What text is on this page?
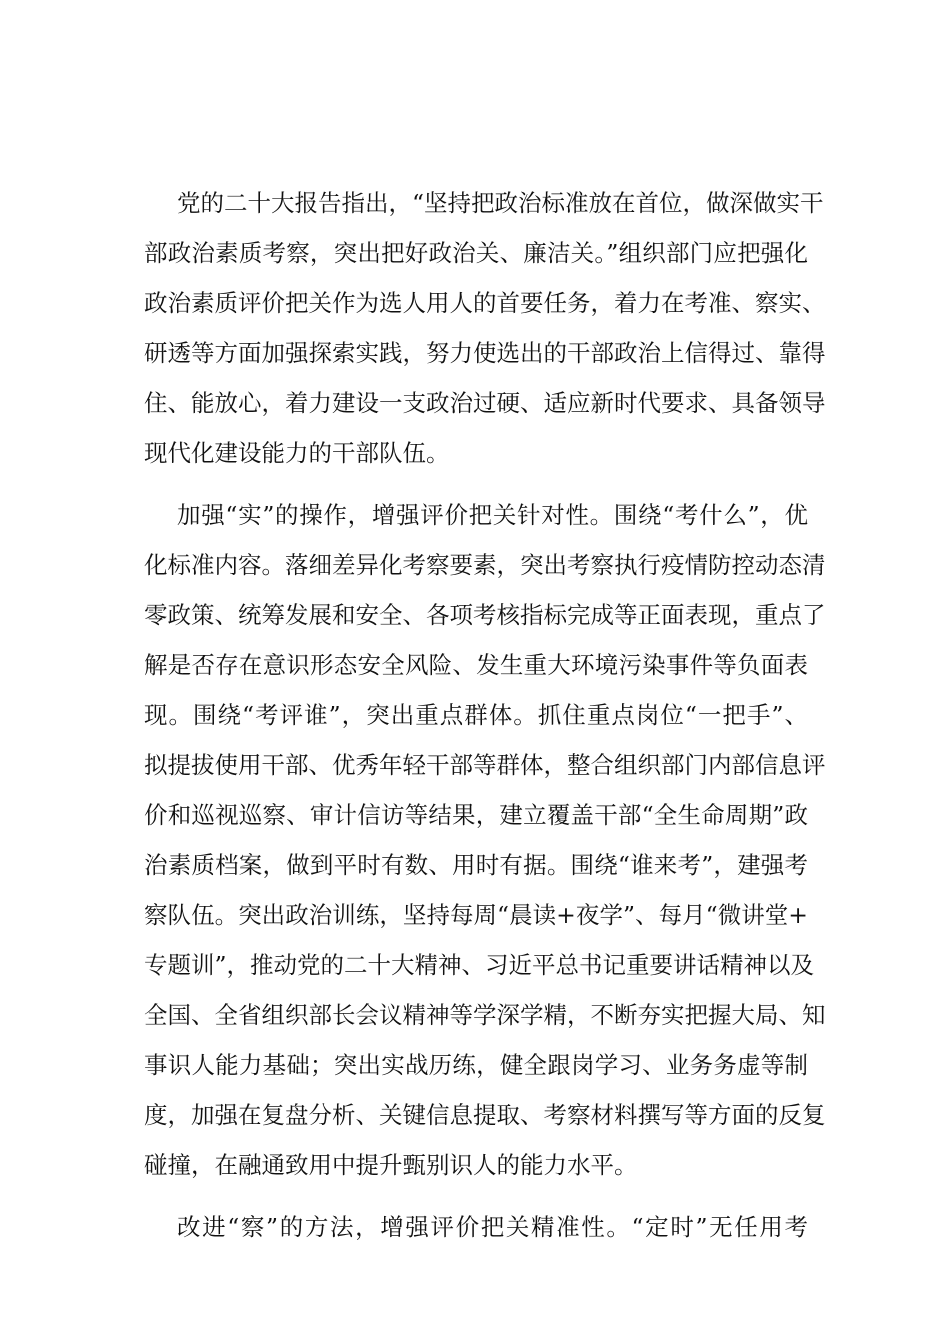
党的二十大报告指出，“坚持把政治标准放在首位，做深做实干
部政治素质考察，突出把好政治关、廉洁关。”组织部门应把强化
政治素质评价把关作为选人用人的首要任务，着力在考准、察实、
研透等方面加强探索实践，努力使选出的干部政治上信得过、靠得
住、能放心，着力建设一支政治过硬、适应新时代要求、具备领导
现代化建设能力的干部队伍。
加强“实”的操作，增强评价把关针对性。围绕“考什么”，优
化标准内容。落细差异化考察要素，突出考察执行疫情防控动态清
零政策、统筹发展和安全、各项考核指标完成等正面表现，重点了
解是否存在意识形态安全风险、发生重大环境污染事件等负面表
现。围绕“考评谁”，突出重点群体。抓住重点岗位“一把手”、
拟提拔使用干部、优秀年轻干部等群体，整合组织部门内部信息评
价和巡视巡察、审计信访等结果，建立覆盖干部“全生命周期”政
治素质档案，做到平时有数、用时有据。围绕“谁来考”，建强考
察队伍。突出政治训练，坚持每周“晨读+夜学”、每月“微讲堂+
专题训”，推动党的二十大精神、习近平总书记重要讲话精神以及
全国、全省组织部长会议精神等学深学精，不断夯实把握大局、知
事识人能力基础；突出实战历练，健全跟岗学习、业务务虚等制
度，加强在复盘分析、关键信息提取、考察材料撰写等方面的反复
碰撞，在融通致用中提升甄别识人的能力水平。
改进“察”的方法，增强评价把关精准性。“定时”无任用考
